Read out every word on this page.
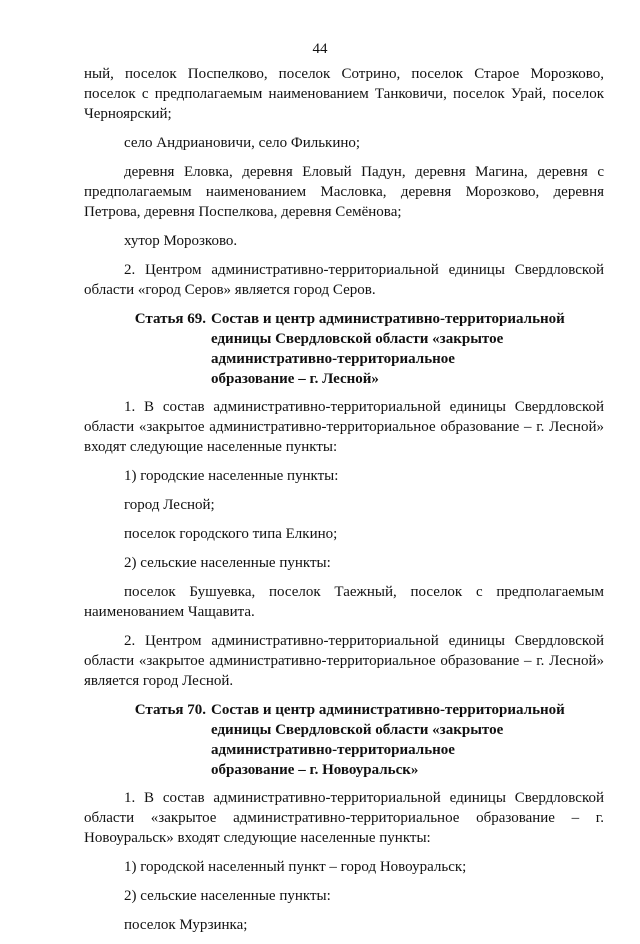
44

ный, поселок Поспелково, поселок Сотрино, поселок Старое Морозково, поселок с предполагаемым наименованием Танковичи, поселок Урай, поселок Черноярский;

село Андриановичи, село Филькино;

деревня Еловка, деревня Еловый Падун, деревня Магина, деревня с предполагаемым наименованием Масловка, деревня Морозково, деревня Петрова, деревня Поспелкова, деревня Семёнова;

хутор Морозково.

2. Центром административно-территориальной единицы Свердловской области «город Серов» является город Серов.

Статья 69. Состав и центр административно-территориальной
единицы Свердловской области «закрытое
административно-территориальное
образование – г. Лесной»

1. В состав административно-территориальной единицы Свердловской области «закрытое административно-территориальное образование – г. Лесной» входят следующие населенные пункты:

1) городские населенные пункты:

город Лесной;

поселок городского типа Елкино;

2) сельские населенные пункты:

поселок Бушуевка, поселок Таежный, поселок с предполагаемым наименованием Чащавита.

2. Центром административно-территориальной единицы Свердловской области «закрытое административно-территориальное образование – г. Лесной» является город Лесной.

Статья 70. Состав и центр административно-территориальной
единицы Свердловской области «закрытое
административно-территориальное
образование – г. Новоуральск»

1. В состав административно-территориальной единицы Свердловской области «закрытое административно-территориальное образование – г. Новоуральск» входят следующие населенные пункты:

1) городской населенный пункт – город Новоуральск;

2) сельские населенные пункты:

поселок Мурзинка;
